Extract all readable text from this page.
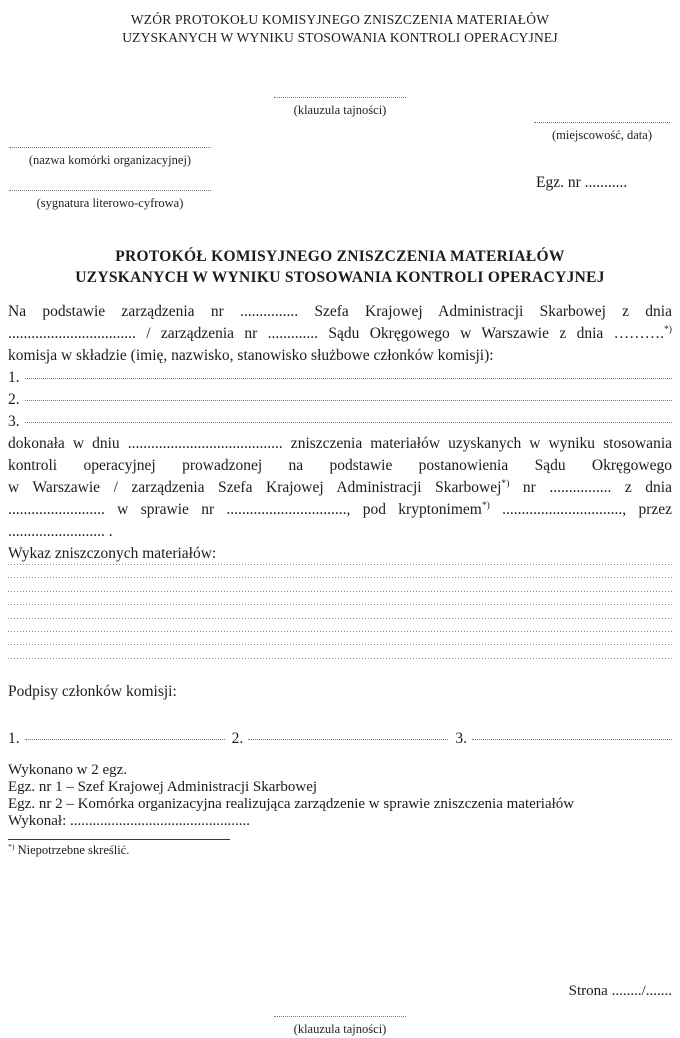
WZÓR PROTOKOŁU KOMISYJNEGO ZNISZCZENIA MATERIAŁÓW
UZYSKANYCH W WYNIKU STOSOWANIA KONTROLI OPERACYJNEJ
(klauzula tajności)
(miejscowość, data)
(nazwa komórki organizacyjnej)
Egz. nr ...........
(sygnatura literowo-cyfrowa)
PROTOKÓŁ KOMISYJNEGO ZNISZCZENIA MATERIAŁÓW
UZYSKANYCH W WYNIKU STOSOWANIA KONTROLI OPERACYJNEJ
Na podstawie zarządzenia nr ............... Szefa Krajowej Administracji Skarbowej z dnia
................................. / zarządzenia nr ............. Sądu Okręgowego w Warszawie z dnia ……….*)
komisja w składzie (imię, nazwisko, stanowisko służbowe członków komisji):
1.
2.
3.
dokonała w dniu ........................................ zniszczenia materiałów uzyskanych w wyniku stosowania
kontroli operacyjnej prowadzonej na podstawie postanowienia Sądu Okręgowego
w Warszawie / zarządzenia Szefa Krajowej Administracji Skarbowej*) nr ................ z dnia
......................... w sprawie nr ..............................., pod kryptonimem*) ..............................., przez
......................... .
Wykaz zniszczonych materiałów:
Podpisy członków komisji:
1.	2.	3.
Wykonano w 2 egz.
Egz. nr 1 – Szef Krajowej Administracji Skarbowej
Egz. nr 2 – Komórka organizacyjna realizująca zarządzenie w sprawie zniszczenia materiałów
Wykonał: ................................................
*) Niepotrzebne skreślić.
Strona ......../.......
(klauzula tajności)
